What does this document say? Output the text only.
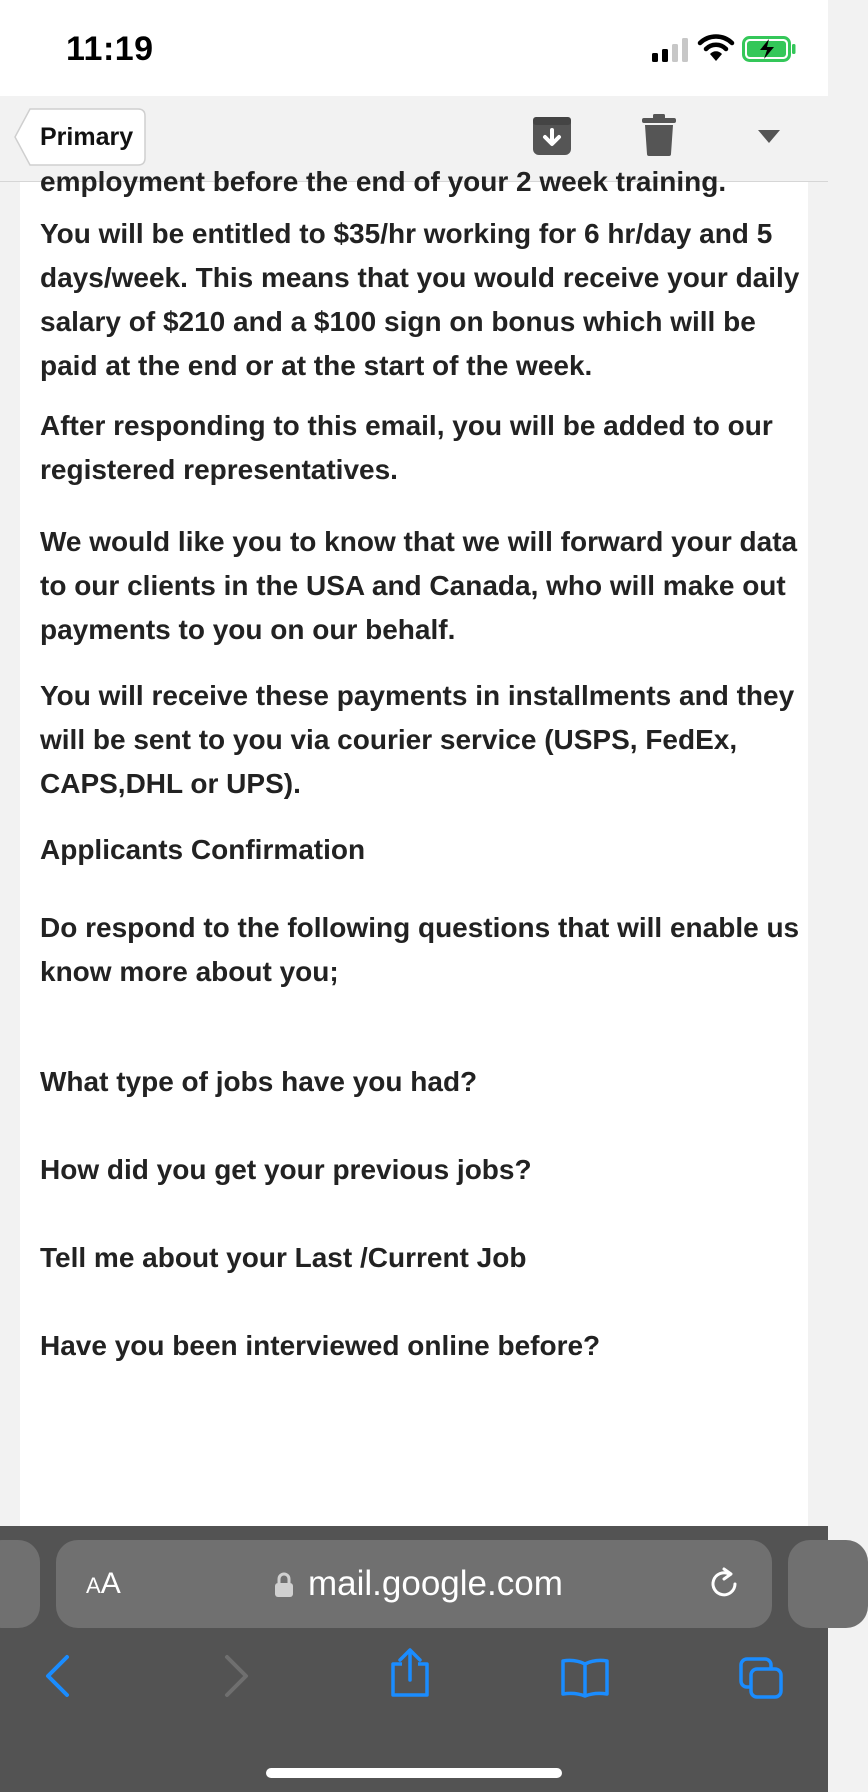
11:19
Primary
employment before the end of your 2 week training.
You will be entitled to $35/hr working for 6 hr/day and 5 days/week. This means that you would receive your daily salary of $210 and a $100 sign on bonus which will be paid at the end or at the start of the week.
After responding to this email, you will be added to our registered representatives.
We would like you to know that we will forward your data to our clients in the USA and Canada, who will make out payments to you on our behalf.
You will receive these payments in installments and they will be sent to you via courier service (USPS, FedEx, CAPS,DHL or UPS).
Applicants Confirmation
Do respond to the following questions that will enable us know more about you;
What type of jobs have you had?
How did you get your previous jobs?
Tell me about your Last /Current Job
Have you been interviewed online before?
AA	mail.google.com
